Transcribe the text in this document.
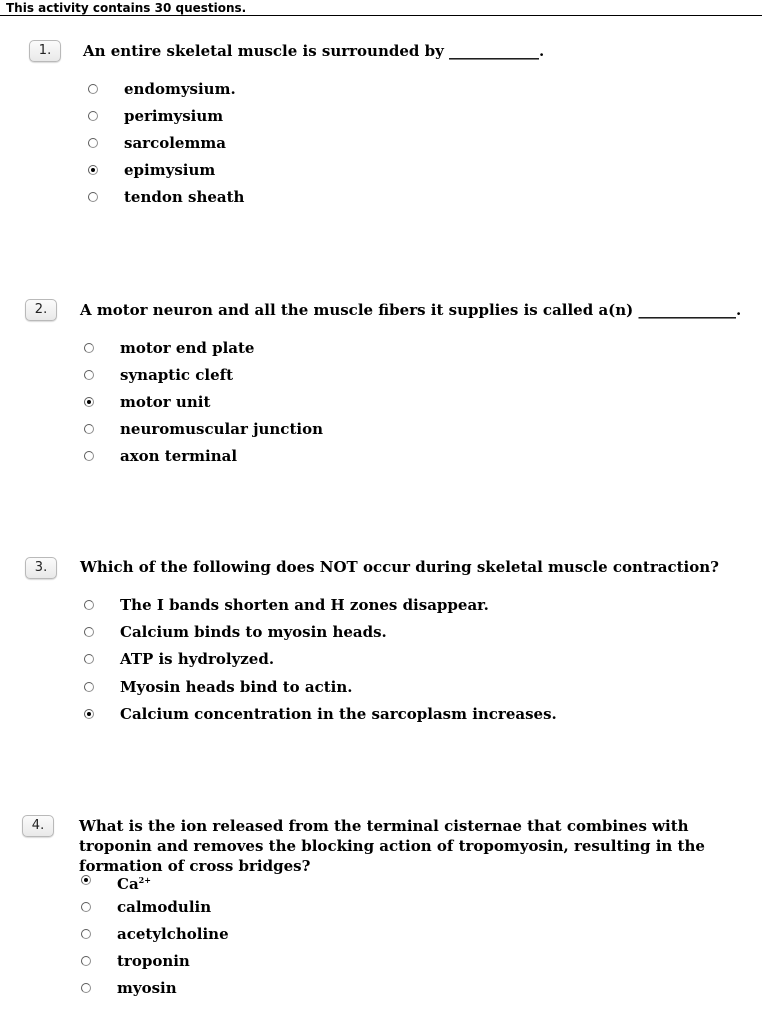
This activity contains 30 questions.
1.	An entire skeletal muscle is surrounded by ____________.
endomysium.
perimysium
sarcolemma
epimysium
tendon sheath
2.	A motor neuron and all the muscle fibers it supplies is called a(n) _____________.
motor end plate
synaptic cleft
motor unit
neuromuscular junction
axon terminal
3.	Which of the following does NOT occur during skeletal muscle contraction?
The I bands shorten and H zones disappear.
Calcium binds to myosin heads.
ATP is hydrolyzed.
Myosin heads bind to actin.
Calcium concentration in the sarcoplasm increases.
4.	What is the ion released from the terminal cisternae that combines with troponin and removes the blocking action of tropomyosin, resulting in the formation of cross bridges?
$Ca^{2+}$
calmodulin
acetylcholine
troponin
myosin
